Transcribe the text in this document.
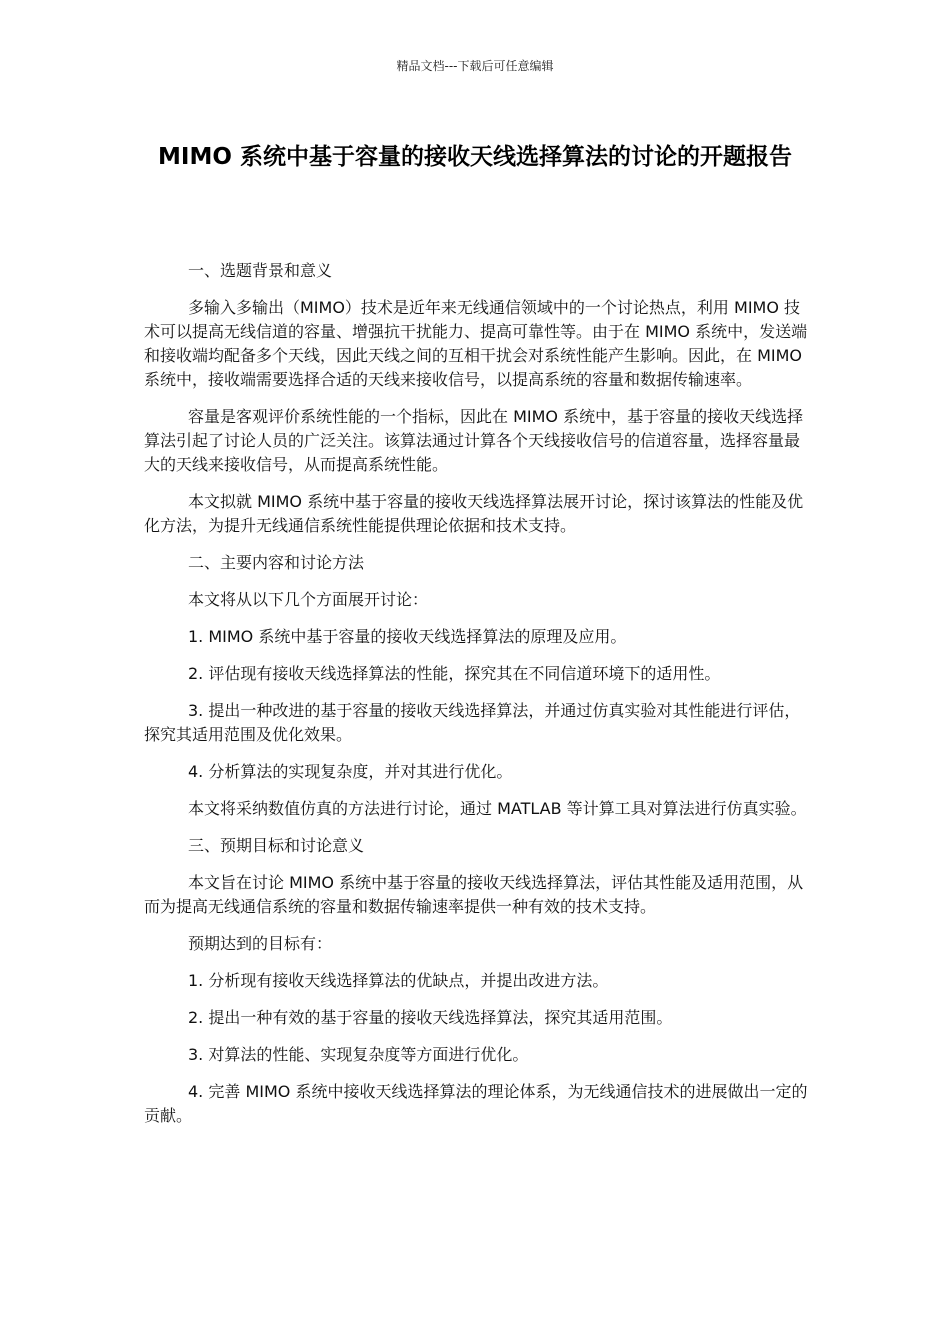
精品文档---下载后可任意编辑
MIMO 系统中基于容量的接收天线选择算法的讨论的开题报告

一、选题背景和意义

多输入多输出（MIMO）技术是近年来无线通信领域中的一个讨论热点，利用 MIMO 技术可以提高无线信道的容量、增强抗干扰能力、提高可靠性等。由于在 MIMO 系统中，发送端和接收端均配备多个天线，因此天线之间的互相干扰会对系统性能产生影响。因此，在 MIMO 系统中，接收端需要选择合适的天线来接收信号，以提高系统的容量和数据传输速率。

容量是客观评价系统性能的一个指标，因此在 MIMO 系统中，基于容量的接收天线选择算法引起了讨论人员的广泛关注。该算法通过计算各个天线接收信号的信道容量，选择容量最大的天线来接收信号，从而提高系统性能。

本文拟就 MIMO 系统中基于容量的接收天线选择算法展开讨论，探讨该算法的性能及优化方法，为提升无线通信系统性能提供理论依据和技术支持。

二、主要内容和讨论方法

本文将从以下几个方面展开讨论：

1. MIMO 系统中基于容量的接收天线选择算法的原理及应用。

2. 评估现有接收天线选择算法的性能，探究其在不同信道环境下的适用性。

3. 提出一种改进的基于容量的接收天线选择算法，并通过仿真实验对其性能进行评估，探究其适用范围及优化效果。

4. 分析算法的实现复杂度，并对其进行优化。

本文将采纳数值仿真的方法进行讨论，通过 MATLAB 等计算工具对算法进行仿真实验。

三、预期目标和讨论意义

本文旨在讨论 MIMO 系统中基于容量的接收天线选择算法，评估其性能及适用范围，从而为提高无线通信系统的容量和数据传输速率提供一种有效的技术支持。

预期达到的目标有：

1. 分析现有接收天线选择算法的优缺点，并提出改进方法。

2. 提出一种有效的基于容量的接收天线选择算法，探究其适用范围。

3. 对算法的性能、实现复杂度等方面进行优化。

4. 完善 MIMO 系统中接收天线选择算法的理论体系，为无线通信技术的进展做出一定的贡献。
